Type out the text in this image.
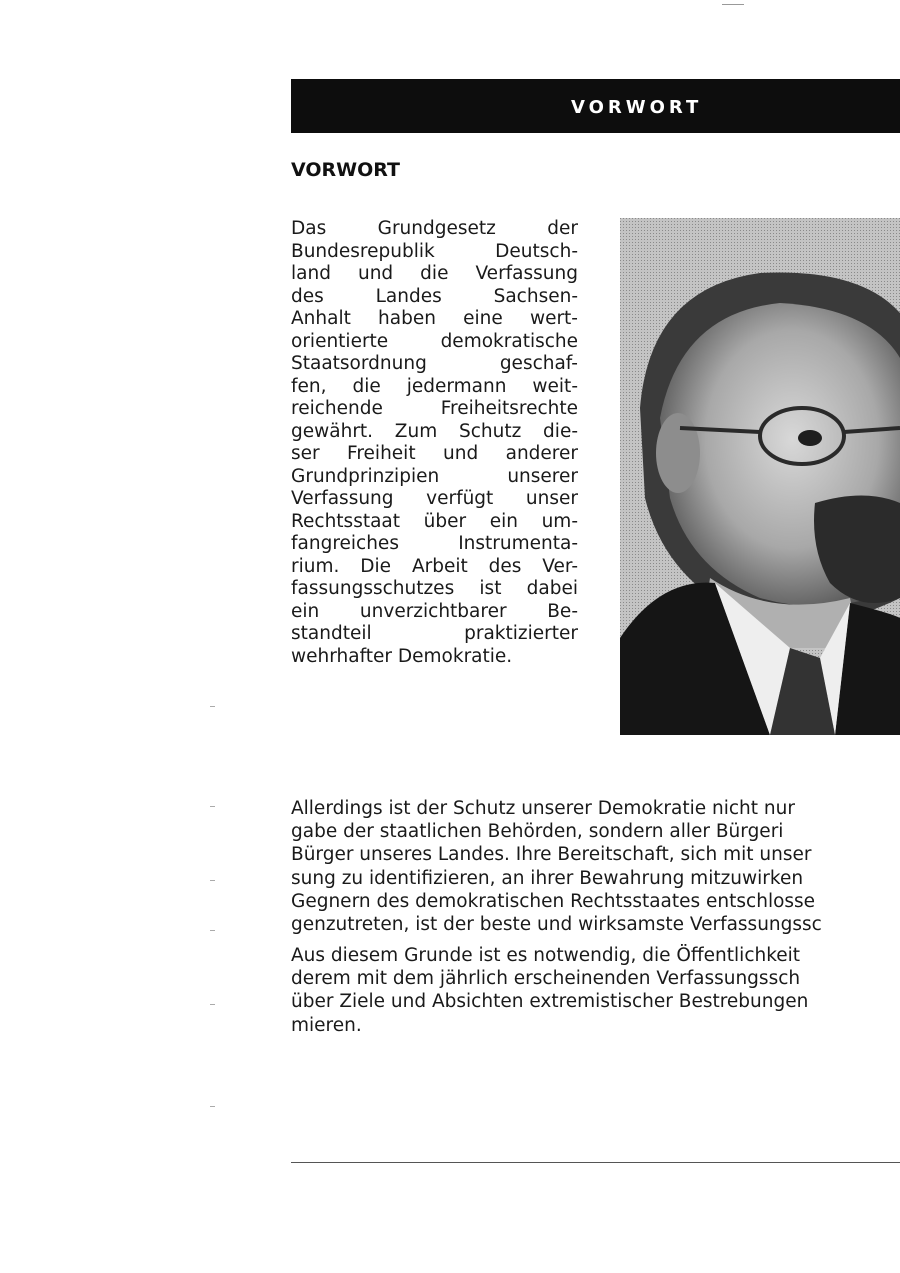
VORWORT
VORWORT
Das Grundgesetz der
Bundesrepublik Deutsch-
land und die Verfassung
des Landes Sachsen-
Anhalt haben eine wert-
orientierte demokratische
Staatsordnung geschaf-
fen, die jedermann weit-
reichende Freiheitsrechte
gewährt. Zum Schutz die-
ser Freiheit und anderer
Grundprinzipien unserer
Verfassung verfügt unser
Rechtsstaat über ein um-
fangreiches Instrumenta-
rium. Die Arbeit des Ver-
fassungsschutzes ist dabei
ein unverzichtbarer Be-
standteil praktizierter
wehrhafter Demokratie.
Allerdings ist der Schutz unserer Demokratie nicht nur
gabe der staatlichen Behörden, sondern aller Bürgeri
Bürger unseres Landes. Ihre Bereitschaft, sich mit unser
sung zu identifizieren, an ihrer Bewahrung mitzuwirken
Gegnern des demokratischen Rechtsstaates entschlosse
genzutreten, ist der beste und wirksamste Verfassungssc
Aus diesem Grunde ist es notwendig, die Öffentlichkeit
derem mit dem jährlich erscheinenden Verfassungssch
über Ziele und Absichten extremistischer Bestrebungen
mieren.
